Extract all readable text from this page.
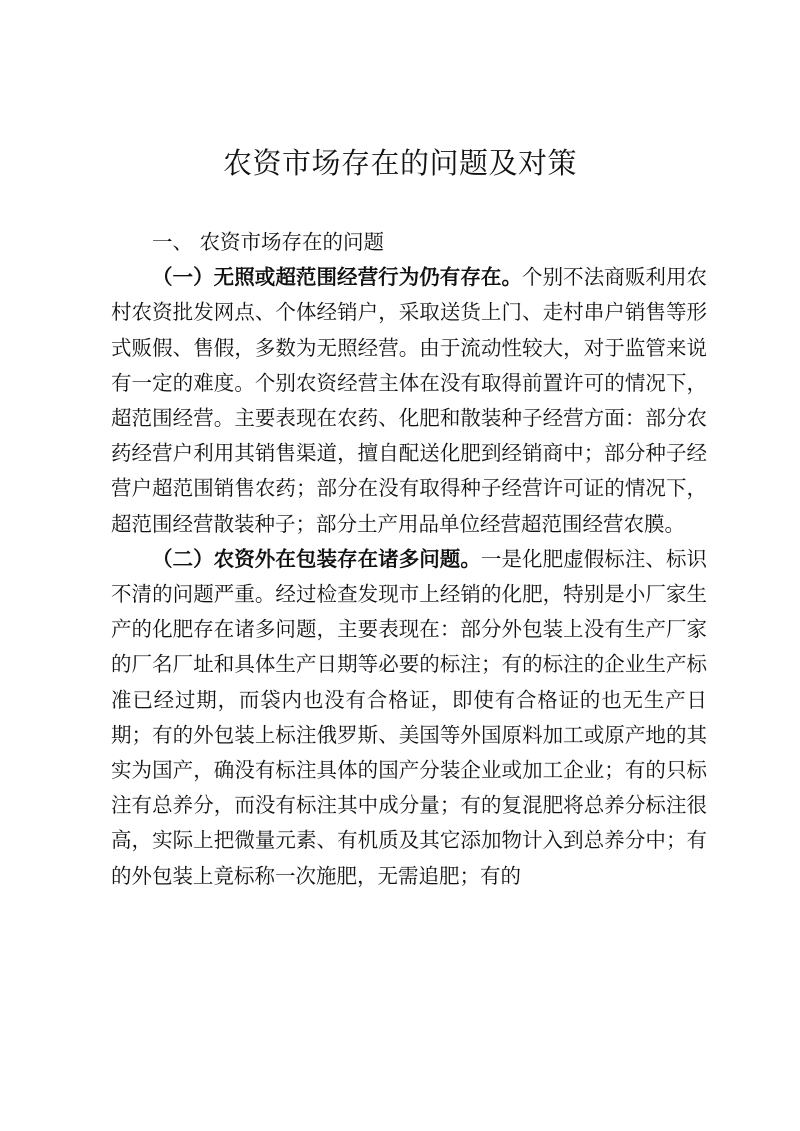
农资市场存在的问题及对策

一、 农资市场存在的问题

（一）无照或超范围经营行为仍有存在。个别不法商贩利用农村农资批发网点、个体经销户，采取送货上门、走村串户销售等形式贩假、售假，多数为无照经营。由于流动性较大，对于监管来说有一定的难度。个别农资经营主体在没有取得前置许可的情况下，超范围经营。主要表现在农药、化肥和散装种子经营方面：部分农药经营户利用其销售渠道，擅自配送化肥到经销商中；部分种子经营户超范围销售农药；部分在没有取得种子经营许可证的情况下，超范围经营散装种子；部分土产用品单位经营超范围经营农膜。

（二）农资外在包装存在诸多问题。一是化肥虚假标注、标识不清的问题严重。经过检查发现市上经销的化肥，特别是小厂家生产的化肥存在诸多问题，主要表现在：部分外包装上没有生产厂家的厂名厂址和具体生产日期等必要的标注；有的标注的企业生产标准已经过期，而袋内也没有合格证，即使有合格证的也无生产日期；有的外包装上标注俄罗斯、美国等外国原料加工或原产地的其实为国产，确没有标注具体的国产分装企业或加工企业；有的只标注有总养分，而没有标注其中成分量；有的复混肥将总养分标注很高，实际上把微量元素、有机质及其它添加物计入到总养分中；有的外包装上竟标称一次施肥，无需追肥；有的
